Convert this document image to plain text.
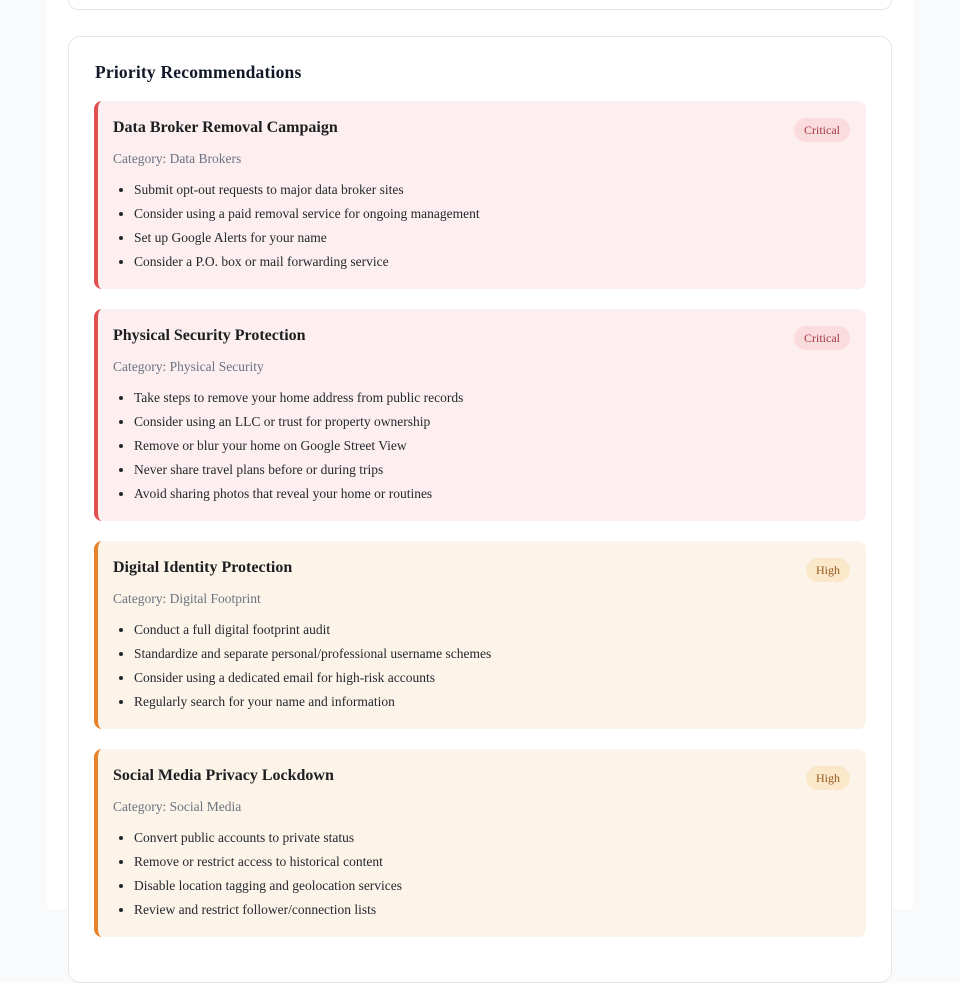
Priority Recommendations
Data Broker Removal Campaign	Critical

Category: Data Brokers

• Submit opt-out requests to major data broker sites
• Consider using a paid removal service for ongoing management
• Set up Google Alerts for your name
• Consider a P.O. box or mail forwarding service
Physical Security Protection	Critical

Category: Physical Security

• Take steps to remove your home address from public records
• Consider using an LLC or trust for property ownership
• Remove or blur your home on Google Street View
• Never share travel plans before or during trips
• Avoid sharing photos that reveal your home or routines
Digital Identity Protection	High

Category: Digital Footprint

• Conduct a full digital footprint audit
• Standardize and separate personal/professional username schemes
• Consider using a dedicated email for high-risk accounts
• Regularly search for your name and information
Social Media Privacy Lockdown	High

Category: Social Media

• Convert public accounts to private status
• Remove or restrict access to historical content
• Disable location tagging and geolocation services
• Review and restrict follower/connection lists
